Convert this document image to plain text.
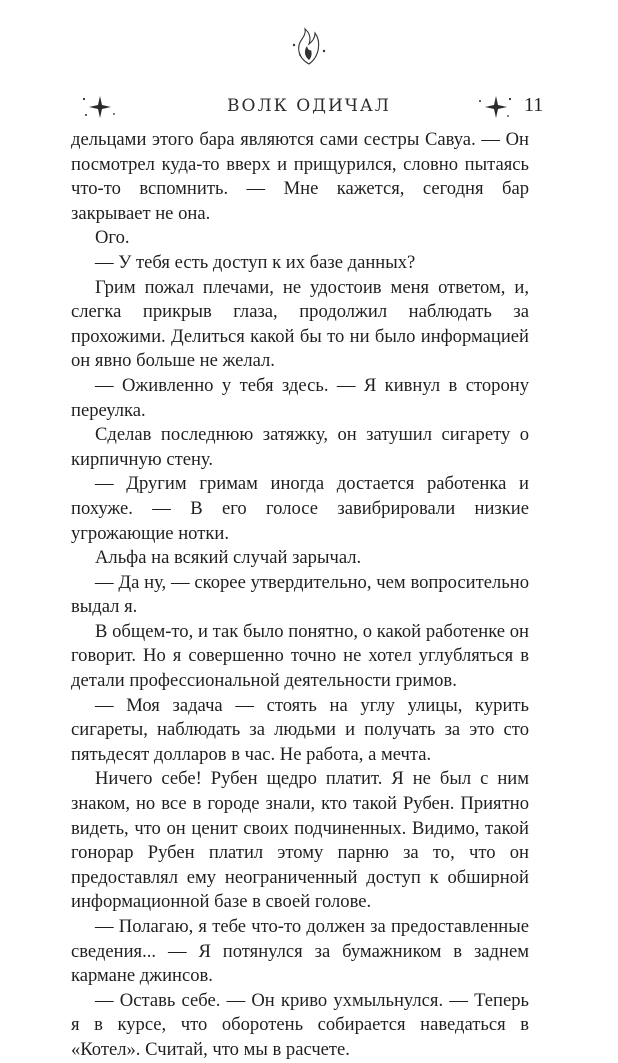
ВОЛК ОДИЧАЛ	11

дельцами этого бара являются сами сестры Савуа. — Он посмотрел куда-то вверх и прищурился, словно пытаясь что-то вспомнить. — Мне кажется, сегодня бар закрывает не она.

Ого.

— У тебя есть доступ к их базе данных?

Грим пожал плечами, не удостоив меня ответом, и, слегка прикрыв глаза, продолжил наблюдать за прохожими. Делиться какой бы то ни было информацией он явно больше не желал.

— Оживленно у тебя здесь. — Я кивнул в сторону переулка.

Сделав последнюю затяжку, он затушил сигарету о кирпичную стену.

— Другим гримам иногда достается работенка и похуже. — В его голосе завибрировали низкие угрожающие нотки.

Альфа на всякий случай зарычал.

— Да ну, — скорее утвердительно, чем вопросительно выдал я.

В общем-то, и так было понятно, о какой работенке он говорит. Но я совершенно точно не хотел углубляться в детали профессиональной деятельности гримов.

— Моя задача — стоять на углу улицы, курить сигареты, наблюдать за людьми и получать за это сто пятьдесят долларов в час. Не работа, а мечта.

Ничего себе! Рубен щедро платит. Я не был с ним знаком, но все в городе знали, кто такой Рубен. Приятно видеть, что он ценит своих подчиненных. Видимо, такой гонорар Рубен платил этому парню за то, что он предоставлял ему неограниченный доступ к обширной информационной базе в своей голове.

— Полагаю, я тебе что-то должен за предоставленные сведения... — Я потянулся за бумажником в заднем кармане джинсов.

— Оставь себе. — Он криво ухмыльнулся. — Теперь я в курсе, что оборотень собирается наведаться в «Котел». Считай, что мы в расчете.
